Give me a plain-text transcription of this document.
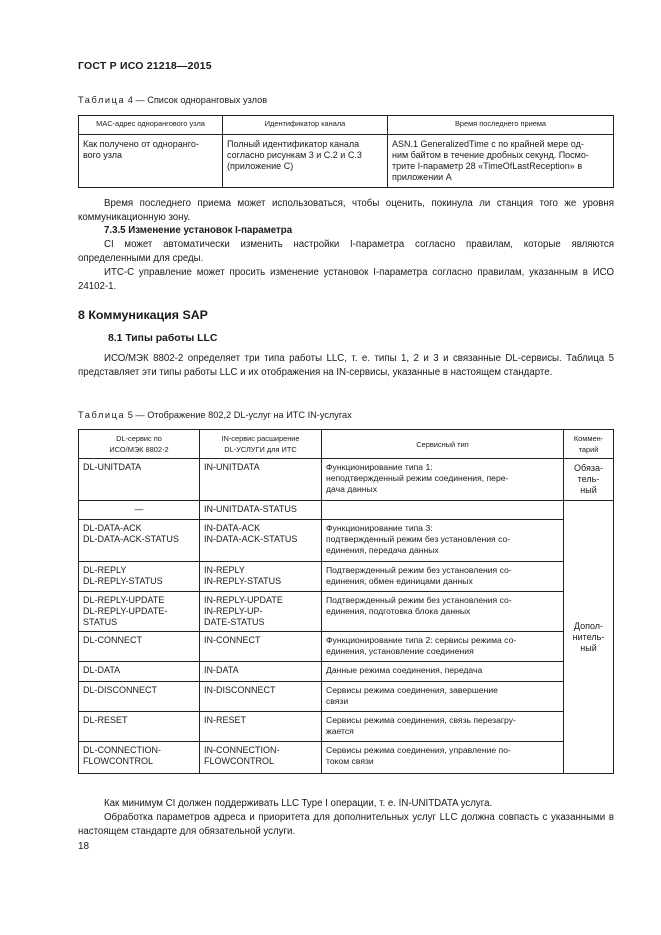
ГОСТ Р ИСО 21218—2015
Таблица 4 — Список одноранговых узлов
MAC-адрес однорангового узла	Идентификатор канала	Время последнего приема
Как получено от одноранго-
вого узла	Полный идентификатор канала
согласно рисункам 3 и С.2 и С.3
(приложение С)	ASN.1 GeneralizedTime с по крайней мере од-
ним байтом в течение дробных секунд. Посмо-
трите I-параметр 28 «TimeOfLastReception» в
приложении А
Время последнего приема может использоваться, чтобы оценить, покинула ли станция того же уровня коммуникационную зону.
7.3.5 Изменение установок I-параметра
CI может автоматически изменить настройки I-параметра согласно правилам, которые являются определенными для среды.
ИТС-С управление может просить изменение установок I-параметра согласно правилам, указанным в ИСО 24102-1.
8 Коммуникация SAP
8.1 Типы работы LLC
ИСО/МЭК 8802-2 определяет три типа работы LLC, т. е. типы 1, 2 и 3 и связанные DL-сервисы. Таблица 5 представляет эти типы работы LLC и их отображения на IN-сервисы, указанные в настоящем стандарте.
Таблица 5 — Отображение 802,2 DL-услуг на ИТС IN-услугах
DL-сервис по
ИСО/МЭК 8802-2	IN-сервис расширение
DL-УСЛУГИ для ИТС	Сервисный тип	Коммен-
тарий
DL-UNITDATA	IN-UNITDATA	Функционирование типа 1:
неподтвержденный режим соединения, пере-
дача данных	Обяза-
тель-
ный
—	IN-UNITDATA-STATUS		Допол-
нитель-
ный
DL-DATA-ACK
DL-DATA-ACK-STATUS	IN-DATA-ACK
IN-DATA-ACK-STATUS	Функционирование типа 3:
подтвержденный режим без установления со-
единения, передача данных	
DL-REPLY
DL-REPLY-STATUS	IN-REPLY
IN-REPLY-STATUS	Подтвержденный режим без установления со-
единения, обмен единицами данных	
DL-REPLY-UPDATE
DL-REPLY-UPDATE-
STATUS	IN-REPLY-UPDATE
IN-REPLY-UP-
DATE-STATUS	Подтвержденный режим без установления со-
единения, подготовка блока данных	
DL-CONNECT	IN-CONNECT	Функционирование типа 2: сервисы режима со-
единения, установление соединения	
DL-DATA	IN-DATA	Данные режима соединения, передача	
DL-DISCONNECT	IN-DISCONNECT	Сервисы режима соединения, завершение
связи	
DL-RESET	IN-RESET	Сервисы режима соединения, связь перезагру-
жается	
DL-CONNECTION-
FLOWCONTROL	IN-CONNECTION-
FLOWCONTROL	Сервисы режима соединения, управление по-
током связи	
Как минимум CI должен поддерживать LLC Type I операции, т. е. IN-UNITDATA услуга.
Обработка параметров адреса и приоритета для дополнительных услуг LLC должна совпасть с указанными в настоящем стандарте для обязательной услуги.
18
